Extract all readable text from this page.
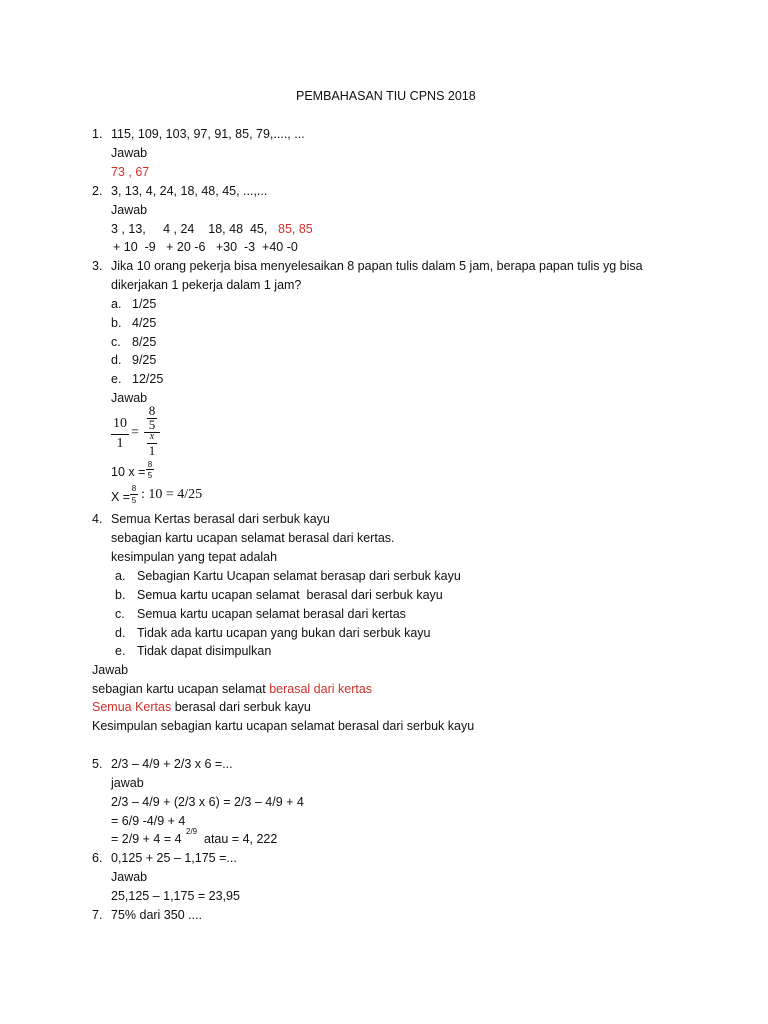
PEMBAHASAN TIU CPNS 2018
1. 115, 109, 103, 97, 91, 85, 79,...., ...
Jawab
73 , 67
2. 3, 13, 4, 24, 18, 48, 45, ...,...
Jawab
3 , 13,     4 , 24    18, 48  45, 85, 85
+ 10  -9   + 20 -6   +30  -3  +40 -0
3. Jika 10 orang pekerja bisa menyelesaikan 8 papan tulis dalam 5 jam, berapa papan tulis yg bisa
dikerjakan 1 pekerja dalam 1 jam?
a. 1/25
b. 4/25
c. 8/25
d. 9/25
e. 12/25
Jawab
10
1
=
8
5
x
1
10 x =
8
5
X =
8
5 : 10 = 4/25
4. Semua Kertas berasal dari serbuk kayu
sebagian kartu ucapan selamat berasal dari kertas.
kesimpulan yang tepat adalah
a. Sebagian Kartu Ucapan selamat berasap dari serbuk kayu
b. Semua kartu ucapan selamat  berasal dari serbuk kayu
c. Semua kartu ucapan selamat berasal dari kertas
d. Tidak ada kartu ucapan yang bukan dari serbuk kayu
e. Tidak dapat disimpulkan
Jawab
sebagian kartu ucapan selamat berasal dari kertas
Semua Kertas berasal dari serbuk kayu
Kesimpulan sebagian kartu ucapan selamat berasal dari serbuk kayu
5. 2/3 – 4/9 + 2/3 x 6 =...
jawab
2/3 – 4/9 + (2/3 x 6) = 2/3 – 4/9 + 4
= 6/9 -4/9 + 4
= 2/9 + 4 = 4
2/9
atau = 4, 222
6. 0,125 + 25 – 1,175 =...
Jawab
25,125 – 1,175 = 23,95
7. 75% dari 350 ....
